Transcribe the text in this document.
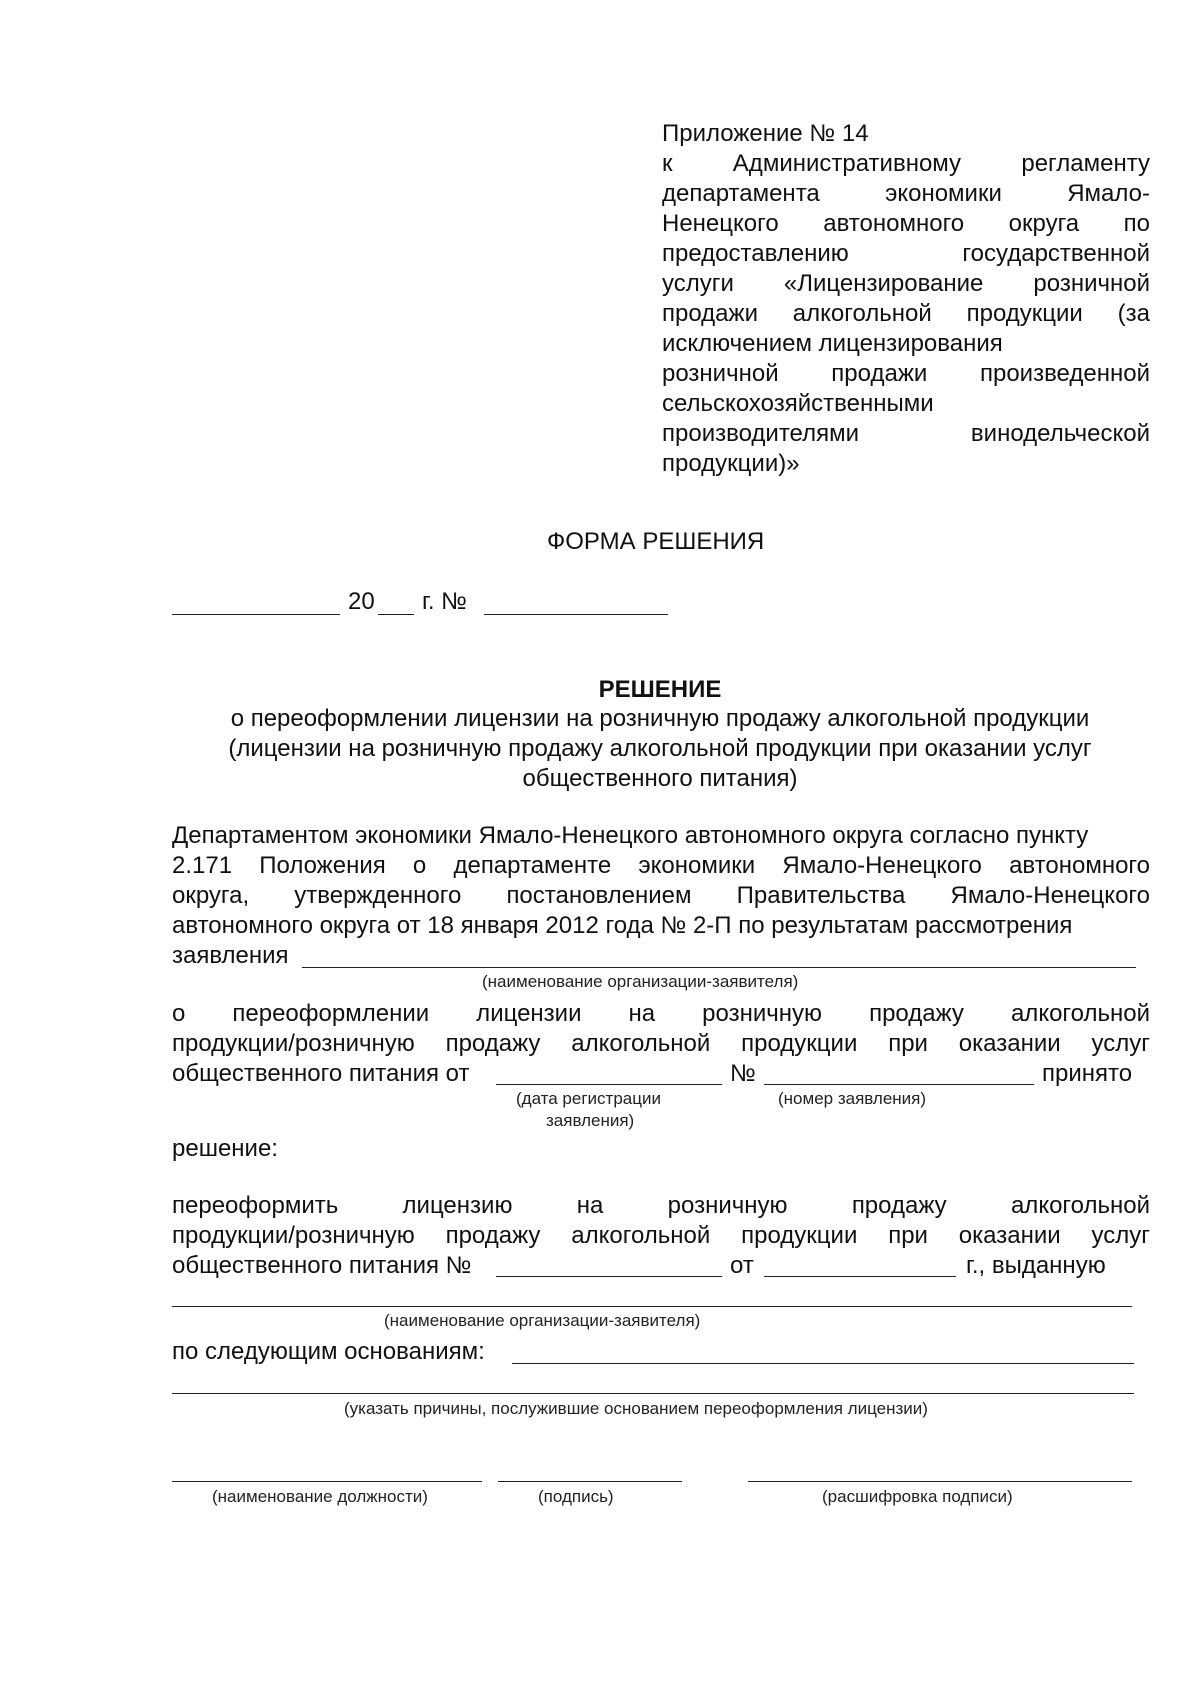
Приложение № 14
к Административному регламенту
департамента экономики Ямало-
Ненецкого автономного округа по
предоставлению государственной
услуги «Лицензирование розничной
продажи алкогольной продукции (за
исключением лицензирования
розничной продажи произведенной
сельскохозяйственными
производителями винодельческой
продукции)»
ФОРМА РЕШЕНИЯ
20 г. №
РЕШЕНИЕ
о переоформлении лицензии на розничную продажу алкогольной продукции
(лицензии на розничную продажу алкогольной продукции при оказании услуг
общественного питания)
Департаментом экономики Ямало-Ненецкого автономного округа согласно пункту
2.171 Положения о департаменте экономики Ямало-Ненецкого автономного
округа, утвержденного постановлением Правительства Ямало-Ненецкого
автономного округа от 18 января 2012 года № 2-П по результатам рассмотрения
заявления
(наименование организации-заявителя)
о переоформлении лицензии на розничную продажу алкогольной
продукции/розничную продажу алкогольной продукции при оказании услуг
общественного питания от	№	принято
(дата регистрации
заявления)
(номер заявления)
решение:
переоформить лицензию на розничную продажу алкогольной
продукции/розничную продажу алкогольной продукции при оказании услуг
общественного питания №	от	г., выданную
(наименование организации-заявителя)
по следующим основаниям:
(указать причины, послужившие основанием переоформления лицензии)
(наименование должности)	(подпись)	(расшифровка подписи)
